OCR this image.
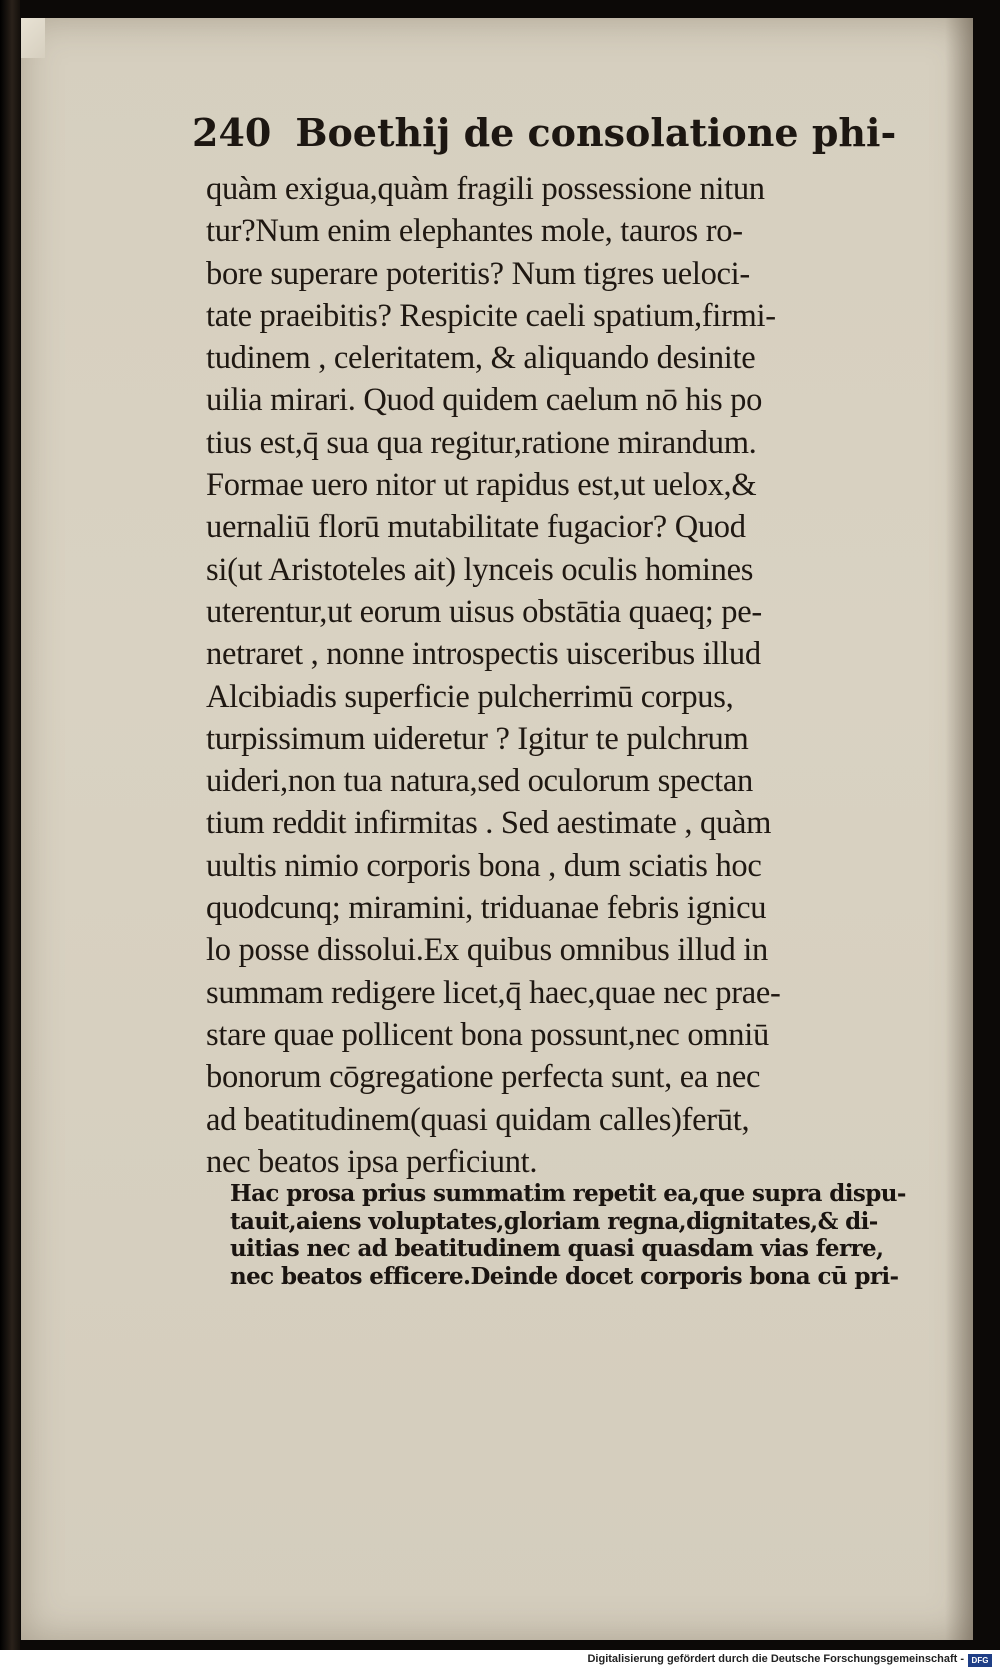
240 Boethij de consolatione phi-
quàm exigua,quàm fragili possessione nitun
tur?Num enim elephantes mole, tauros ro-
bore superare poteritis? Num tigres ueloci-
tate praeibitis? Respicite caeli spatium,firmi-
tudinem , celeritatem, & aliquando desinite
uilia mirari. Quod quidem caelum nō his po
tius est,q̄ sua qua regitur,ratione mirandum.
Formae uero nitor ut rapidus est,ut uelox,&
uernaliū florū mutabilitate fugacior? Quod
si(ut Aristoteles ait) lynceis oculis homines
uterentur,ut eorum uisus obstātia quaeq; pe-
netraret , nonne introspectis uisceribus illud
Alcibiadis superficie pulcherrimū corpus,
turpissimum uideretur ? Igitur te pulchrum
uideri,non tua natura,sed oculorum spectan
tium reddit infirmitas . Sed aestimate , quàm
uultis nimio corporis bona , dum sciatis hoc
quodcunq; miramini, triduanae febris ignicu
lo posse dissolui.Ex quibus omnibus illud in
summam redigere licet,q̄ haec,quae nec prae-
stare quae pollicent bona possunt,nec omniū
bonorum cōgregatione perfecta sunt, ea nec
ad beatitudinem(quasi quidam calles)ferūt,
nec beatos ipsa perficiunt.
Hac prosa prius summatim repetit ea,que supra dispu-
tauit,aiens voluptates,gloriam regna,dignitates,& di-
uitias nec ad beatitudinem quasi quasdam vias ferre,
nec beatos efficere.Deinde docet corporis bona cū pri-
Digitalisierung gefördert durch die Deutsche Forschungsgemeinschaft - DFG
